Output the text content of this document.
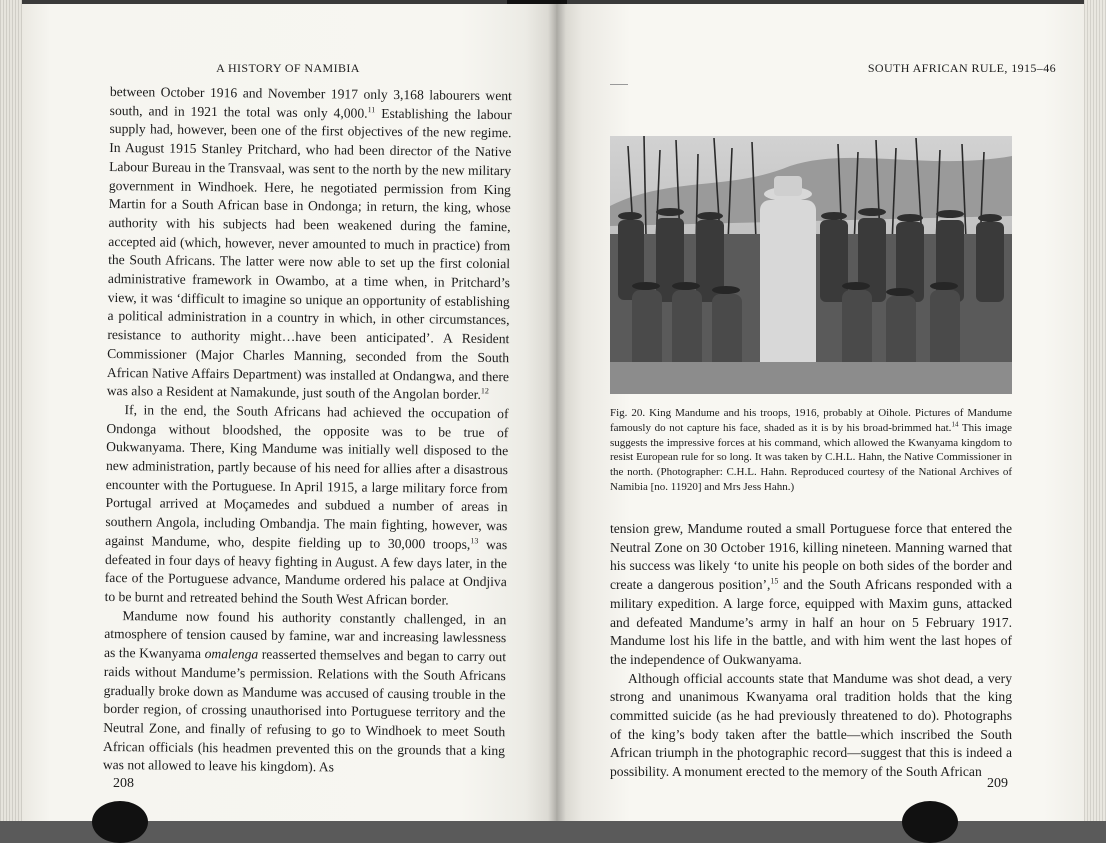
A HISTORY OF NAMIBIA

between October 1916 and November 1917 only 3,168 labourers went south, and in 1921 the total was only 4,000.11 Establishing the labour supply had, however, been one of the first objectives of the new regime. In August 1915 Stanley Pritchard, who had been director of the Native Labour Bureau in the Transvaal, was sent to the north by the new military government in Windhoek. Here, he negotiated permission from King Martin for a South African base in Ondonga; in return, the king, whose authority with his subjects had been weakened during the famine, accepted aid (which, however, never amounted to much in practice) from the South Africans. The latter were now able to set up the first colonial administrative framework in Owambo, at a time when, in Pritchard’s view, it was ‘difficult to imagine so unique an opportunity of establishing a political administration in a country in which, in other circumstances, resistance to authority might…have been anticipated’. A Resident Commissioner (Major Charles Manning, seconded from the South African Native Affairs Department) was installed at Ondangwa, and there was also a Resident at Namakunde, just south of the Angolan border.$^{12}$

If, in the end, the South Africans had achieved the occupation of Ondonga without bloodshed, the opposite was to be true of Oukwanyama. There, King Mandume was initially well disposed to the new administration, partly because of his need for allies after a disastrous encounter with the Portuguese. In April 1915, a large military force from Portugal arrived at Moçamedes and subdued a number of areas in southern Angola, including Ombandja. The main fighting, however, was against Mandume, who, despite fielding up to 30,000 troops,$^{13}$ was defeated in four days of heavy fighting in August. A few days later, in the face of the Portuguese advance, Mandume ordered his palace at Ondjiva to be burnt and retreated behind the South West African border.

Mandume now found his authority constantly challenged, in an atmosphere of tension caused by famine, war and increasing lawlessness as the Kwanyama omalenga reasserted themselves and began to carry out raids without Mandume’s permission. Relations with the South Africans gradually broke down as Mandume was accused of causing trouble in the border region, of crossing unauthorised into Portuguese territory and the Neutral Zone, and finally of refusing to go to Windhoek to meet South African officials (his headmen prevented this on the grounds that a king was not allowed to leave his kingdom). As

208
SOUTH AFRICAN RULE, 1915–46
Fig. 20. King Mandume and his troops, 1916, probably at Oihole. Pictures of Mandume famously do not capture his face, shaded as it is by his broad-brimmed hat.$^{14}$ This image suggests the impressive forces at his command, which allowed the Kwanyama kingdom to resist European rule for so long. It was taken by C.H.L. Hahn, the Native Commissioner in the north. (Photographer: C.H.L. Hahn. Reproduced courtesy of the National Archives of Namibia [no. 11920] and Mrs Jess Hahn.)

tension grew, Mandume routed a small Portuguese force that entered the Neutral Zone on 30 October 1916, killing nineteen. Manning warned that his success was likely ‘to unite his people on both sides of the border and create a dangerous position’,$^{15}$ and the South Africans responded with a military expedition. A large force, equipped with Maxim guns, attacked and defeated Mandume’s army in half an hour on 5 February 1917. Mandume lost his life in the battle, and with him went the last hopes of the independence of Oukwanyama.

Although official accounts state that Mandume was shot dead, a very strong and unanimous Kwanyama oral tradition holds that the king committed suicide (as he had previously threatened to do). Photographs of the king’s body taken after the battle—which inscribed the South African triumph in the photographic record—suggest that this is indeed a possibility. A monument erected to the memory of the South African

209
